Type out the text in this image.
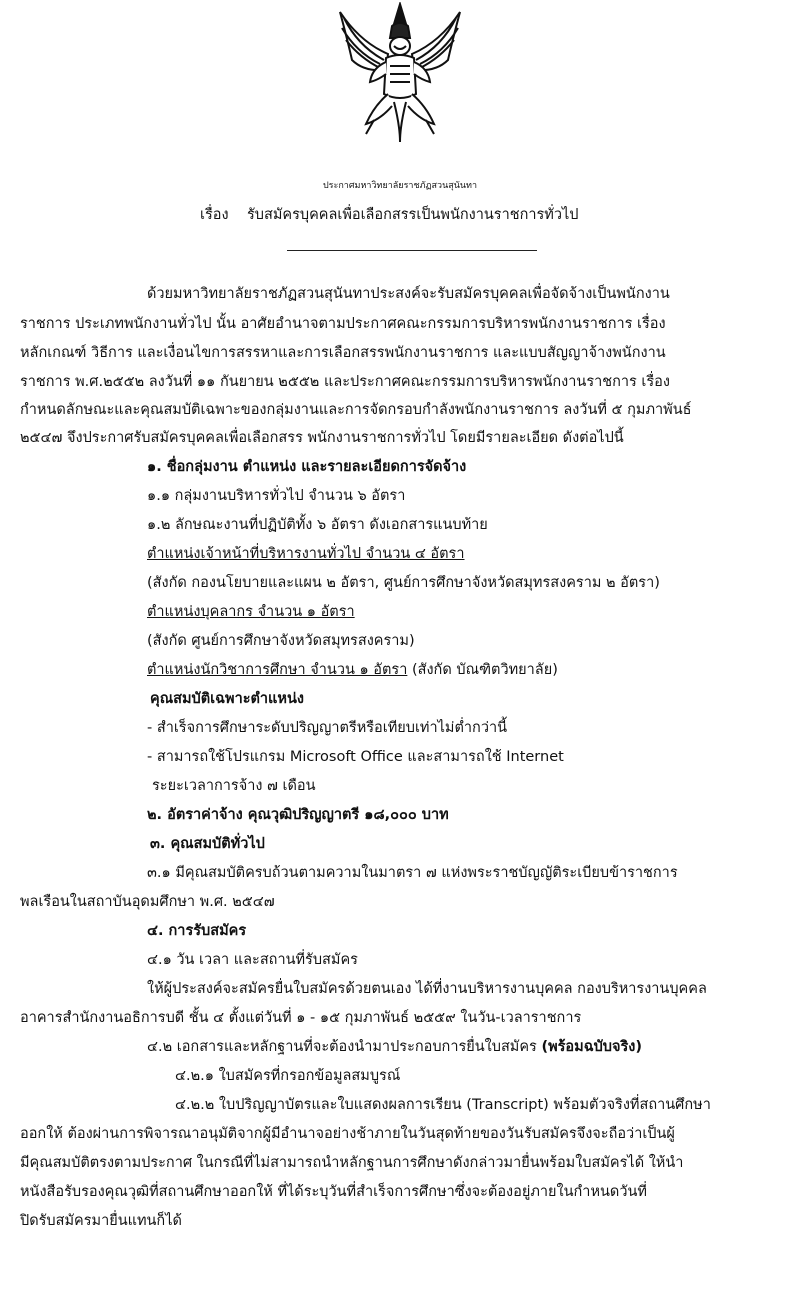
ประกาศมหาวิทยาลัยราชภัฏสวนสุนันทา
เรื่อง รับสมัครบุคคลเพื่อเลือกสรรเป็นพนักงานราชการทั่วไป
ด้วยมหาวิทยาลัยราชภัฏสวนสุนันทาประสงค์จะรับสมัครบุคคลเพื่อจัดจ้างเป็นพนักงาน
ราชการ ประเภทพนักงานทั่วไป นั้น อาศัยอำนาจตามประกาศคณะกรรมการบริหารพนักงานราชการ เรื่อง
หลักเกณฑ์ วิธีการ และเงื่อนไขการสรรหาและการเลือกสรรพนักงานราชการ และแบบสัญญาจ้างพนักงาน
ราชการ พ.ศ.๒๕๕๒ ลงวันที่ ๑๑ กันยายน ๒๕๕๒ และประกาศคณะกรรมการบริหารพนักงานราชการ เรื่อง
กำหนดลักษณะและคุณสมบัติเฉพาะของกลุ่มงานและการจัดกรอบกำลังพนักงานราชการ ลงวันที่ ๕ กุมภาพันธ์
๒๕๔๗ จึงประกาศรับสมัครบุคคลเพื่อเลือกสรร พนักงานราชการทั่วไป โดยมีรายละเอียด ดังต่อไปนี้
๑. ชื่อกลุ่มงาน ตำแหน่ง และรายละเอียดการจัดจ้าง
๑.๑ กลุ่มงานบริหารทั่วไป จำนวน ๖ อัตรา
๑.๒ ลักษณะงานที่ปฏิบัติทั้ง ๖ อัตรา ดังเอกสารแนบท้าย
ตำแหน่งเจ้าหน้าที่บริหารงานทั่วไป จำนวน ๔ อัตรา
(สังกัด กองนโยบายและแผน ๒ อัตรา, ศูนย์การศึกษาจังหวัดสมุทรสงคราม ๒ อัตรา)
ตำแหน่งบุคลากร จำนวน ๑ อัตรา
(สังกัด ศูนย์การศึกษาจังหวัดสมุทรสงคราม)
ตำแหน่งนักวิชาการศึกษา จำนวน ๑ อัตรา (สังกัด บัณฑิตวิทยาลัย)
คุณสมบัติเฉพาะตำแหน่ง
- สำเร็จการศึกษาระดับปริญญาตรีหรือเทียบเท่าไม่ต่ำกว่านี้
- สามารถใช้โปรแกรม Microsoft Office และสามารถใช้ Internet
ระยะเวลาการจ้าง ๗ เดือน
๒. อัตราค่าจ้าง คุณวุฒิปริญญาตรี ๑๘,๐๐๐ บาท
๓. คุณสมบัติทั่วไป
๓.๑ มีคุณสมบัติครบถ้วนตามความในมาตรา ๗ แห่งพระราชบัญญัติระเบียบข้าราชการ
พลเรือนในสถาบันอุดมศึกษา พ.ศ. ๒๕๔๗
๔. การรับสมัคร
๔.๑ วัน เวลา และสถานที่รับสมัคร
ให้ผู้ประสงค์จะสมัครยื่นใบสมัครด้วยตนเอง ได้ที่งานบริหารงานบุคคล กองบริหารงานบุคคล
อาคารสำนักงานอธิการบดี ชั้น ๔ ตั้งแต่วันที่ ๑ - ๑๕ กุมภาพันธ์ ๒๕๕๙ ในวัน-เวลาราชการ
๔.๒ เอกสารและหลักฐานที่จะต้องนำมาประกอบการยื่นใบสมัคร (พร้อมฉบับจริง)
๔.๒.๑ ใบสมัครที่กรอกข้อมูลสมบูรณ์
๔.๒.๒ ใบปริญญาบัตรและใบแสดงผลการเรียน (Transcript) พร้อมตัวจริงที่สถานศึกษา
ออกให้ ต้องผ่านการพิจารณาอนุมัติจากผู้มีอำนาจอย่างช้าภายในวันสุดท้ายของวันรับสมัครจึงจะถือว่าเป็นผู้
มีคุณสมบัติตรงตามประกาศ ในกรณีที่ไม่สามารถนำหลักฐานการศึกษาดังกล่าวมายื่นพร้อมใบสมัครได้ ให้นำ
หนังสือรับรองคุณวุฒิที่สถานศึกษาออกให้ ที่ได้ระบุวันที่สำเร็จการศึกษาซึ่งจะต้องอยู่ภายในกำหนดวันที่
ปิดรับสมัครมายื่นแทนก็ได้
